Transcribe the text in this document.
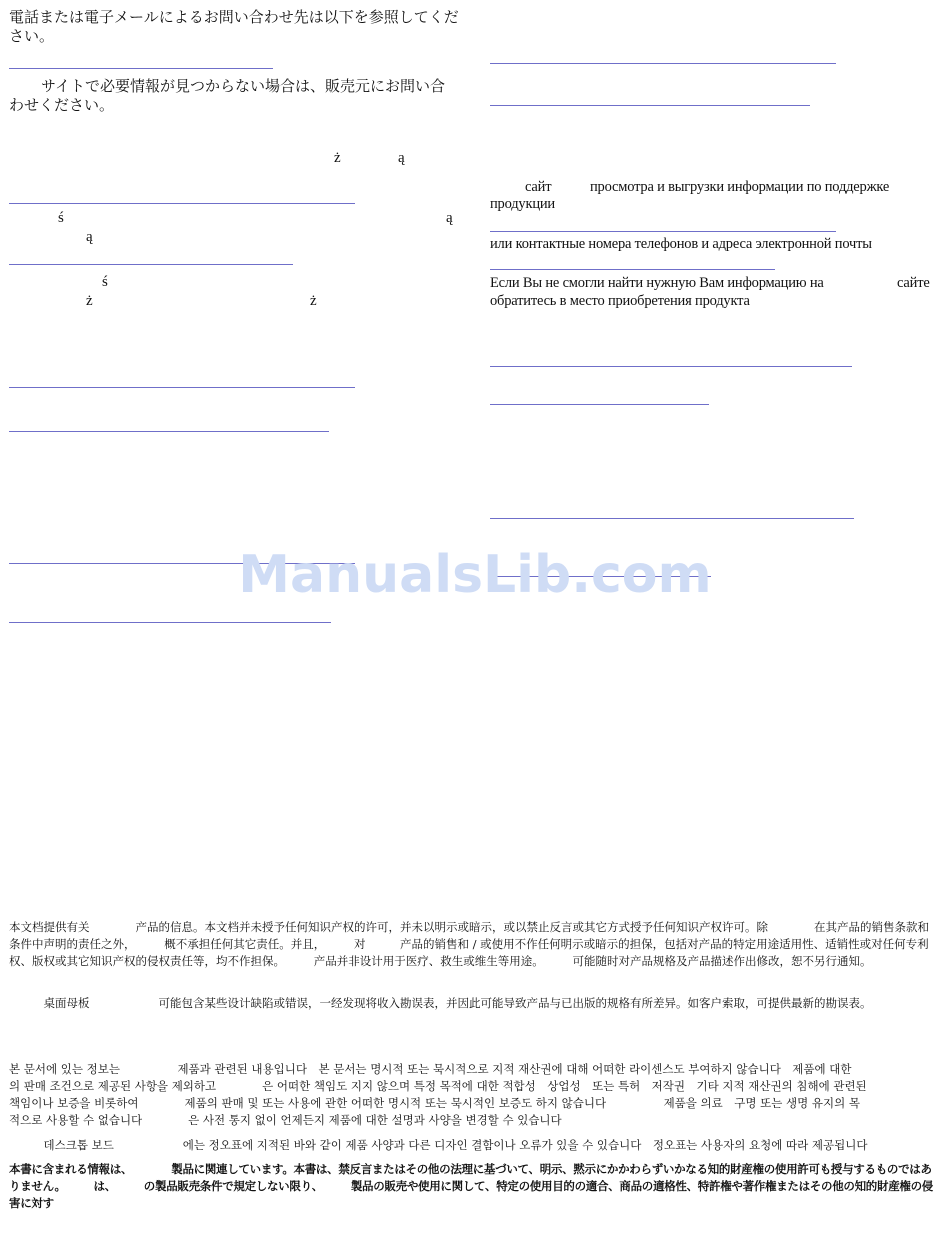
電話または電子メールによるお問い合わせ先は以下を参照してください。

サイトで必要情報が見つからない場合は、販売元にお問い合わせください。

ż	ą
ś	ą
ą
ś
ż	ż
сайт	просмотра и выгрузки информации по поддержке продукции

или контактные номера телефонов и адреса электронной почты

Если Вы не смогли найти нужную Вам информацию на	сайте
обратитесь в место приобретения продукта
ManualsLib.com

本文档提供有关　　　　产品的信息。本文档并未授予任何知识产权的许可，并未以明示或暗示，或以禁止反言或其它方式授予任何知识产权许可。除　　　　在其产品的销售条款和条件中声明的责任之外，　　　概不承担任何其它责任。并且，　　　对　　　产品的销售和 / 或使用不作任何明示或暗示的担保，包括对产品的特定用途适用性、适销性或对任何专利权、版权或其它知识产权的侵权责任等，均不作担保。　　　产品并非设计用于医疗、救生或维生等用途。　　　可能随时对产品规格及产品描述作出修改，恕不另行通知。

　　　桌面母板　　　　　　可能包含某些设计缺陷或错误，一经发现将收入勘误表，并因此可能导致产品与已出版的规格有所差异。如客户索取，可提供最新的勘误表。

본 문서에 있는 정보는　　　　　제품과 관련된 내용입니다　본 문서는 명시적 또는 묵시적으로 지적 재산권에 대해 어떠한 라이센스도 부여하지 않습니다　제품에 대한　　　의 판매 조건으로 제공된 사항을 제외하고　　　　은 어떠한 책임도 지지 않으며 특정 목적에 대한 적합성　상업성　또는 특허　저작권　기타 지적 재산권의 침해에 관련된 책임이나 보증을 비롯하여　　　　제품의 판매 및 또는 사용에 관한 어떠한 명시적 또는 묵시적인 보증도 하지 않습니다　　　　　제품을 의료　구명 또는 생명 유지의 목적으로 사용할 수 없습니다　　　　은 사전 통지 없이 언제든지 제품에 대한 설명과 사양을 변경할 수 있습니다

　　　데스크톱 보드　　　　　　에는 정오표에 지적된 바와 같이 제품 사양과 다른 디자인 결함이나 오류가 있을 수 있습니다　정오표는 사용자의 요청에 따라 제공됩니다

本書に含まれる情報は、　　　　製品に関連しています。本書は、禁反言またはその他の法理に基づいて、明示、黙示にかかわらずいかなる知的財産権の使用許可も授与するものではありません。　　　は、　　　の製品販売条件で規定しない限り、　　　製品の販売や使用に関して、特定の使用目的の適合、商品の適格性、特許権や著作権またはその他の知的財産権の侵害に対す
